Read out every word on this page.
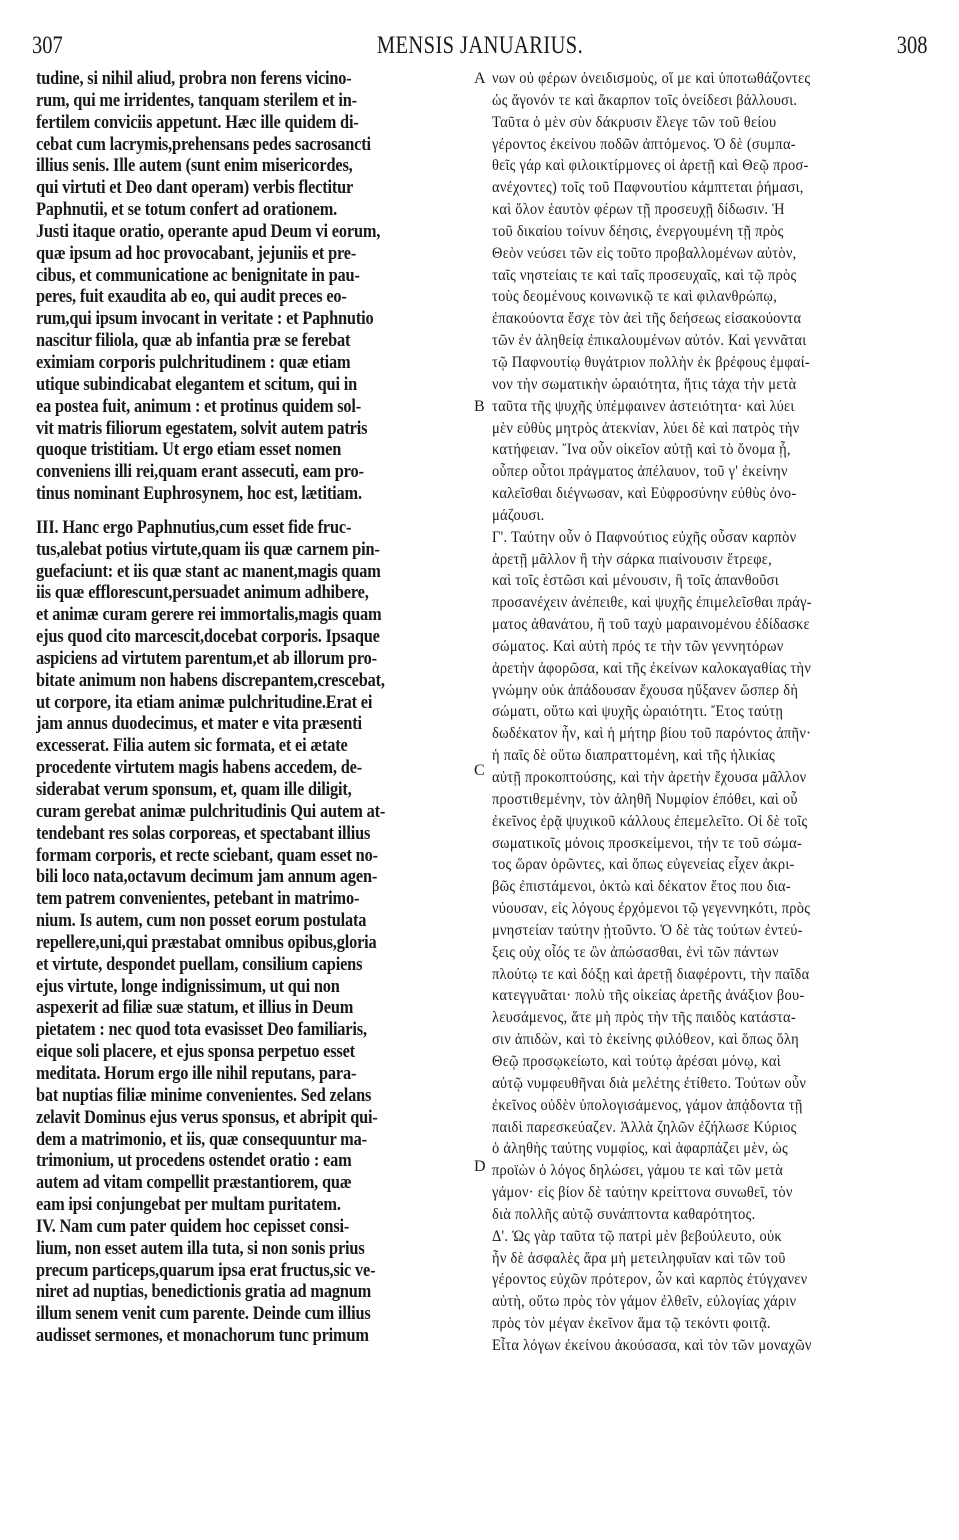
307	MENSIS JANUARIUS.	308
tudine, si nihil aliud, probra non ferens vicino-
rum, qui me irridentes, tanquam sterilem et in-
fertilem conviciis appetunt. Hæc ille quidem di-
cebat cum lacrymis,prehensans pedes sacrosancti
illius senis. Ille autem (sunt enim misericordes,
qui virtuti et Deo dant operam) verbis flectitur
Paphnutii, et se totum confert ad orationem.
Justi itaque oratio, operante apud Deum vi eorum,
quæ ipsum ad hoc provocabant, jejuniis et pre-
cibus, et communicatione ac benignitate in pau-
peres, fuit exaudita ab eo, qui audit preces eo-
rum,qui ipsum invocant in veritate : et Paphnutio
nascitur filiola, quæ ab infantia præ se ferebat
eximiam corporis pulchritudinem : quæ etiam
utique subindicabat elegantem et scitum, qui in
ea postea fuit, animum : et protinus quidem sol-
vit matris filiorum egestatem, solvit autem patris
quoque tristitiam. Ut ergo etiam esset nomen
conveniens illi rei,quam erant assecuti, eam pro-
tinus nominant Euphrosynem, hoc est, lætitiam.
III. Hanc ergo Paphnutius,cum esset fide fruc-
tus,alebat potius virtute,quam iis quæ carnem pin-
guefaciunt: et iis quæ stant ac manent,magis quam
iis quæ efflorescunt,persuadet animum adhibere,
et animæ curam gerere rei immortalis,magis quam
ejus quod cito marcescit,docebat corporis. Ipsaque
aspiciens ad virtutem parentum,et ab illorum pro-
bitate animum non habens discrepantem,crescebat,
ut corpore, ita etiam animæ pulchritudine.Erat ei
jam annus duodecimus, et mater e vita præsenti
excesserat. Filia autem sic formata, et ei ætate
procedente virtutem magis habens accedem, de-
siderabat verum sponsum, et, quam ille diligit,
curam gerebat animæ pulchritudinis Qui autem at-
tendebant res solas corporeas, et spectabant illius
formam corporis, et recte sciebant, quam esset no-
bili loco nata,octavum decimum jam annum agen-
tem patrem convenientes, petebant in matrimo-
nium. Is autem, cum non posset eorum postulata
repellere,uni,qui præstabat omnibus opibus,gloria
et virtute, despondet puellam, consilium capiens
ejus virtute, longe indignissimum, ut qui non
aspexerit ad filiæ suæ statum, et illius in Deum
pietatem : nec quod tota evasisset Deo familiaris,
eique soli placere, et ejus sponsa perpetuo esset
meditata. Horum ergo ille nihil reputans, para-
bat nuptias filiæ minime convenientes. Sed zelans
zelavit Dominus ejus verus sponsus, et abripit qui-
dem a matrimonio, et iis, quæ consequuntur ma-
trimonium, ut procedens ostendet oratio : eam
autem ad vitam compellit præstantiorem, quæ
eam ipsi conjungebat per multam puritatem.
IV. Nam cum pater quidem hoc cepisset consi-
lium, non esset autem illa tuta, si non sonis prius
precum particeps,quarum ipsa erat fructus,sic ve-
niret ad nuptias, benedictionis gratia ad magnum
illum senem venit cum parente. Deinde cum illius
audisset sermones, et monachorum tunc primum
νων οὐ φέρων ὀνειδισμοὺς, οἵ με καὶ ὑποτωθάζοντες
ὡς ἄγονόν τε καὶ ἄκαρπον τοῖς ὀνείδεσι βάλλουσι.
Ταῦτα ὁ μὲν σὺν δάκρυσιν ἔλεγε τῶν τοῦ θείου
γέροντος ἐκείνου ποδῶν ἀπτόμενος. Ὁ δὲ (συμπα-
θεῖς γάρ καὶ φιλοικτίρμονες οἱ ἀρετῇ καὶ Θεῷ προσ-
ανέχοντες) τοῖς τοῦ Παφνουτίου κάμπτεται ῥήμασι,
καὶ ὅλον ἑαυτὸν φέρων τῇ προσευχῇ δίδωσιν. Ἡ
τοῦ δικαίου τοίνυν δέησις, ἐνεργουμένη τῇ πρὸς
Θεὸν νεύσει τῶν εἰς τοῦτο προβαλλομένων αὐτὸν,
ταῖς νηστείαις τε καὶ ταῖς προσευχαῖς, καὶ τῷ πρὸς
τοὺς δεομένους κοινωνικῷ τε καὶ φιλανθρώπῳ,
ἐπακούοντα ἔσχε τὸν ἀεὶ τῆς δεήσεως εἰσακούοντα
τῶν ἐν ἀληθείᾳ ἐπικαλουμένων αὐτόν. Καὶ γεννᾶται
τῷ Παφνουτίῳ θυγάτριον πολλὴν ἐκ βρέφους ἐμφαί-
νον τὴν σωματικὴν ὡραιότητα, ἥτις τάχα τὴν μετὰ
ταῦτα τῆς ψυχῆς ὑπέμφαινεν ἀστειότητα· καὶ λύει
μὲν εὐθὺς μητρὸς ἀτεκνίαν, λύει δὲ καὶ πατρὸς τὴν
κατήφειαν. Ἵνα οὖν οἰκεῖον αὐτῇ καὶ τὸ ὄνομα ᾖ,
οὗπερ οὗτοι πράγματος ἀπέλαυον, τοῦ γ' ἐκείνην
καλεῖσθαι διέγνωσαν, καὶ Εὐφροσύνην εὐθὺς ὀνο-
μάζουσι.
Γ'. Ταύτην οὖν ὁ Παφνούτιος εὐχῆς οὖσαν καρπὸν
ἀρετῇ μᾶλλον ἢ τὴν σάρκα πιαίνουσιν ἔτρεφε,
καὶ τοῖς ἑστῶσι καὶ μένουσιν, ἢ τοῖς ἀπανθοῦσι
προσανέχειν ἀνέπειθε, καὶ ψυχῆς ἐπιμελεῖσθαι πράγ-
ματος ἀθανάτου, ἢ τοῦ ταχὺ μαραινομένου ἐδίδασκε
σώματος. Καὶ αὐτὴ πρός τε τὴν τῶν γεννητόρων
ἀρετὴν ἀφορῶσα, καὶ τῆς ἐκείνων καλοκαγαθίας τὴν
γνώμην οὐκ ἀπάδουσαν ἔχουσα ηὔξανεν ὥσπερ δὴ
σώματι, οὕτω καὶ ψυχῆς ὡραιότητι. Ἔτος ταύτῃ
δωδέκατον ἦν, καὶ ἡ μήτηρ βίου τοῦ παρόντος ἀπῆν·
ἡ παῖς δὲ οὕτω διαπραττομένη, καὶ τῆς ἡλικίας
αὐτῇ προκοπτούσης, καὶ τὴν ἀρετὴν ἔχουσα μᾶλλον
προστιθεμένην, τὸν ἀληθῆ Νυμφίον ἐπόθει, καὶ οὗ
ἐκεῖνος ἐρᾷ ψυχικοῦ κάλλους ἐπεμελεῖτο. Οἱ δὲ τοῖς
σωματικοῖς μόνοις προσκείμενοι, τήν τε τοῦ σώμα-
τος ὥραν ὁρῶντες, καὶ ὅπως εὐγενείας εἶχεν ἀκρι-
βῶς ἐπιστάμενοι, ὀκτὼ καὶ δέκατον ἔτος που δια-
νύουσαν, εἰς λόγους ἐρχόμενοι τῷ γεγεννηκότι, πρὸς
μνηστείαν ταύτην ᾐτοῦντο. Ὁ δὲ τὰς τούτων ἐντεύ-
ξεις οὐχ οἷός τε ὢν ἀπώσασθαι, ἑνὶ τῶν πάντων
πλούτῳ τε καὶ δόξῃ καὶ ἀρετῇ διαφέροντι, τὴν παῖδα
κατεγγυᾶται· πολὺ τῆς οἰκείας ἀρετῆς ἀνάξιον βου-
λευσάμενος, ἅτε μὴ πρὸς τὴν τῆς παιδὸς κατάστα-
σιν ἀπιδὼν, καὶ τὸ ἐκείνης φιλόθεον, καὶ ὅπως ὅλη
Θεῷ προσῳκείωτο, καὶ τούτῳ ἀρέσαι μόνῳ, καὶ
αὐτῷ νυμφευθῆναι διὰ μελέτης ἐτίθετο. Τούτων οὖν
ἐκεῖνος οὐδὲν ὑπολογισάμενος, γάμον ἀπᾴδοντα τῇ
παιδὶ παρεσκεύαζεν. Ἀλλὰ ζηλῶν ἐζήλωσε Κύριος
ὁ ἀληθὴς ταύτης νυμφίος, καὶ ἁφαρπάζει μὲν, ὡς
προϊὼν ὁ λόγος δηλώσει, γάμου τε καὶ τῶν μετὰ
γάμον· εἰς βίον δὲ ταύτην κρείττονα συνωθεῖ, τὸν
διὰ πολλῆς αὐτῷ συνάπτοντα καθαρότητος.
Δ'. Ὡς γὰρ ταῦτα τῷ πατρὶ μὲν βεβούλευτο, οὐκ
ἦν δὲ ἀσφαλὲς ἄρα μὴ μετειληφυῖαν καὶ τῶν τοῦ
γέροντος εὐχῶν πρότερον, ὧν καὶ καρπὸς ἐτύγχανεν
αὐτὴ, οὕτω πρὸς τὸν γάμον ἐλθεῖν, εὐλογίας χάριν
πρὸς τὸν μέγαν ἐκεῖνον ἅμα τῷ τεκόντι φοιτᾷ.
Εἶτα λόγων ἐκείνου ἀκούσασα, καὶ τὸν τῶν μοναχῶν
A
B
C
D
